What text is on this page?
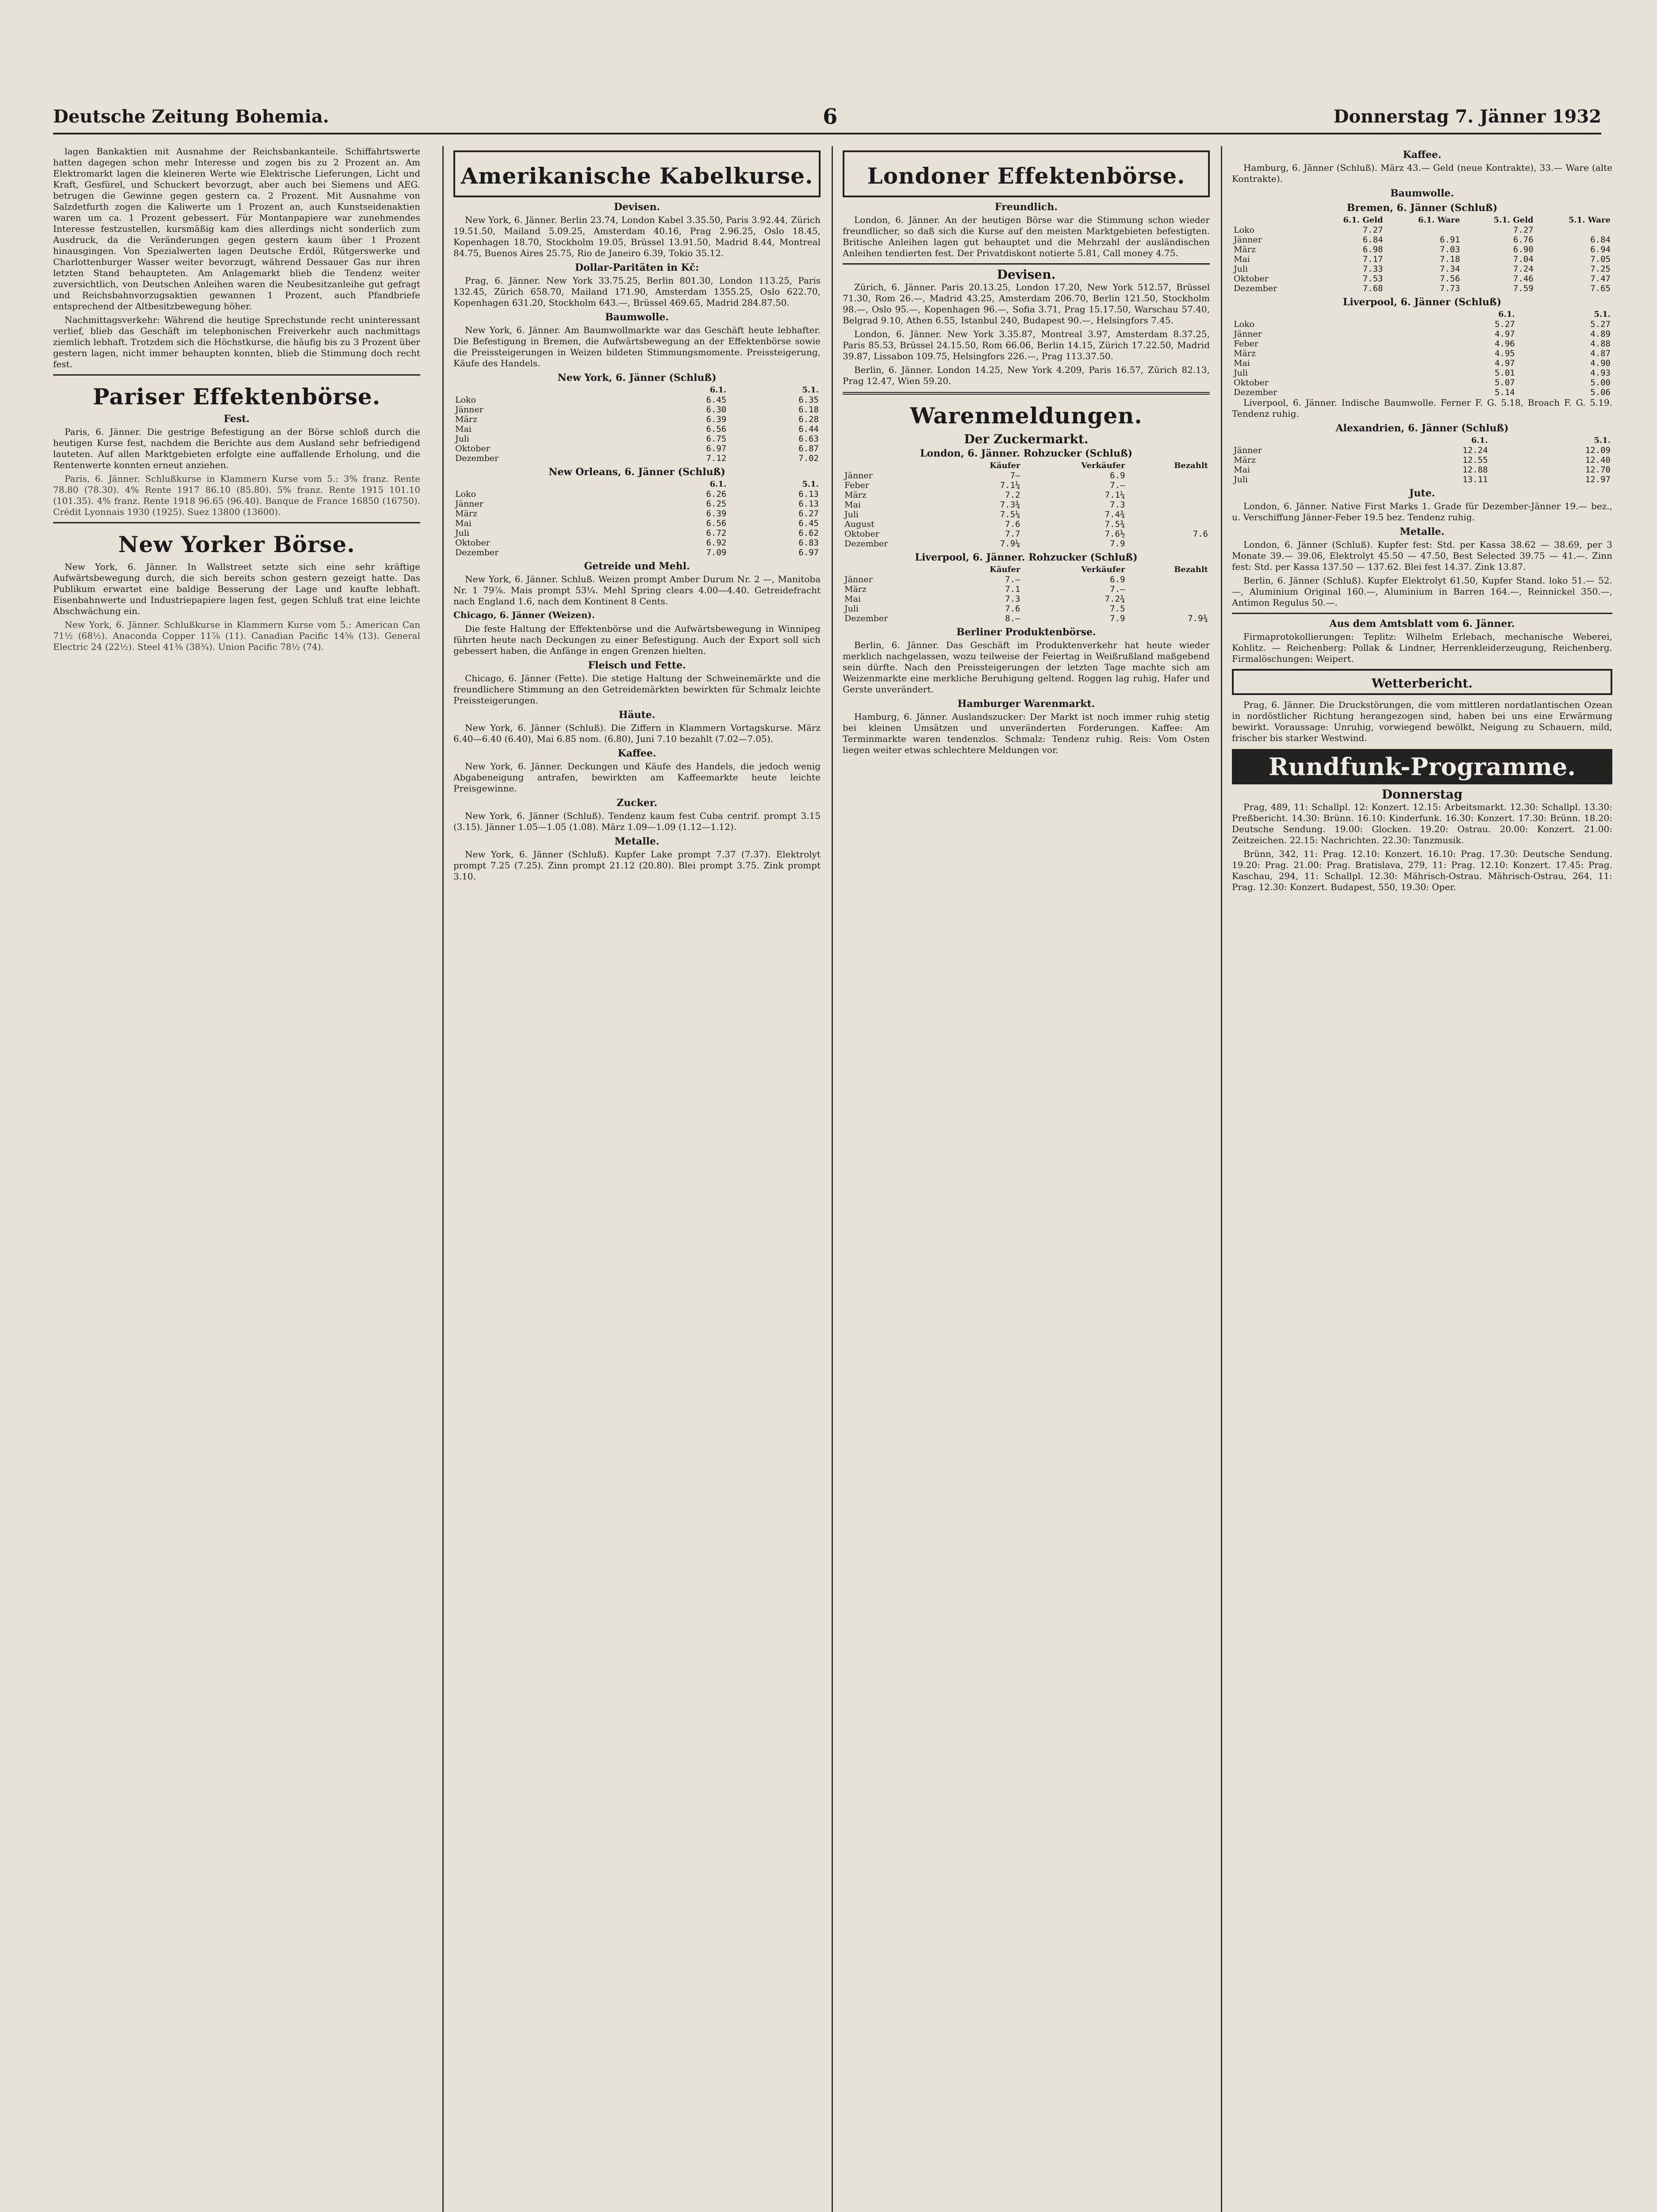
Deutsche Zeitung Bohemia.	6	Donnerstag 7. Jänner 1932

lagen Bankaktien mit Ausnahme der Reichsbankanteile. Schiffahrtswerte hatten dagegen schon mehr Interesse und zogen bis zu 2 Prozent an. Am Elektromarkt lagen die kleineren Werte wie Elektrische Lieferungen, Licht und Kraft, Gesfürel, und Schuckert bevorzugt, aber auch bei Siemens und AEG. betrugen die Gewinne gegen gestern ca. 2 Prozent. Mit Ausnahme von Salzdetfurth zogen die Kaliwerte um 1 Prozent an, auch Kunstseidenaktien waren um ca. 1 Prozent gebessert. Für Montanpapiere war zunehmendes Interesse festzustellen, kursmäßig kam dies allerdings nicht sonderlich zum Ausdruck, da die Veränderungen gegen gestern kaum über 1 Prozent hinausgingen. Von Spezialwerten lagen Deutsche Erdöl, Rütgerswerke und Charlottenburger Wasser weiter bevorzugt, während Dessauer Gas nur ihren letzten Stand behaupteten. Am Anlagemarkt blieb die Tendenz weiter zuversichtlich, von Deutschen Anleihen waren die Neubesitzanleihe gut gefragt und Reichsbahnvorzugsaktien gewannen 1 Prozent, auch Pfandbriefe entsprechend der Altbesitzbewegung höher.

Nachmittagsverkehr: Während die heutige Sprechstunde recht uninteressant verlief, blieb das Geschäft im telephonischen Freiverkehr auch nachmittags ziemlich lebhaft. Trotzdem sich die Höchstkurse, die häufig bis zu 3 Prozent über gestern lagen, nicht immer behaupten konnten, blieb die Stimmung doch recht fest.

Pariser Effektenbörse.
Fest.

Paris, 6. Jänner. Die gestrige Befestigung an der Börse schloß durch die heutigen Kurse fest, nachdem die Berichte aus dem Ausland sehr befriedigend lauteten. Auf allen Marktgebieten erfolgte eine auffallende Erholung, und die Rentenwerte konnten erneut anziehen.

Paris, 6. Jänner. Schlußkurse in Klammern Kurse vom 5.: 3% franz. Rente 78.80 (78.30). 4% Rente 1917 86.10 (85.80). 5% franz. Rente 1915 101.10 (101.35). 4% franz. Rente 1918 96.65 (96.40). Banque de France 16850 (16750). Crédit Lyonnais 1930 (1925). Suez 13800 (13600).

New Yorker Börse.

New York, 6. Jänner. In Wallstreet setzte sich eine sehr kräftige Aufwärtsbewegung durch, die sich bereits schon gestern gezeigt hatte. Das Publikum erwartet eine baldige Besserung der Lage und kaufte lebhaft. Eisenbahnwerte und Industriepapiere lagen fest, gegen Schluß trat eine leichte Abschwächung ein.

New York, 6. Jänner. Schlußkurse in Klammern Kurse vom 5.: American Can 71½ (68½). Anaconda Copper 11⅞ (11). Canadian Pacific 14⅝ (13). General Electric 24 (22½). Steel 41⅜ (38¾). Union Pacific 78½ (74).

Amerikanische Kabelkurse.
Devisen.

New York, 6. Jänner. Berlin 23.74, London Kabel 3.35.50, Paris 3.92.44, Zürich 19.51.50, Mailand 5.09.25, Amsterdam 40.16, Prag 2.96.25, Oslo 18.45, Kopenhagen 18.70, Stockholm 19.05, Brüssel 13.91.50, Madrid 8.44, Montreal 84.75, Buenos Aires 25.75, Rio de Janeiro 6.39, Tokio 35.12.

Dollar-Paritäten in Kč:

Prag, 6. Jänner. New York 33.75.25, Berlin 801.30, London 113.25, Paris 132.45, Zürich 658.70, Mailand 171.90, Amsterdam 1355.25, Oslo 622.70, Kopenhagen 631.20, Stockholm 643.—, Brüssel 469.65, Madrid 284.87.50.

Baumwolle.

New York, 6. Jänner. Am Baumwollmarkte war das Geschäft heute lebhafter. Die Befestigung in Bremen, die Aufwärtsbewegung an der Effektenbörse sowie die Preissteigerungen in Weizen bildeten Stimmungsmomente. Preissteigerung, Käufe des Handels.

New York, 6. Jänner (Schluß)
	6.1.	5.1.
Loko	6.45	6.35
Jänner	6.30	6.18
März	6.39	6.28
Mai	6.56	6.44
Juli	6.75	6.63
Oktober	6.97	6.87
Dezember	7.12	7.02
New Orleans, 6. Jänner (Schluß)
	6.1.	5.1.
Loko	6.26	6.13
Jänner	6.25	6.13
März	6.39	6.27
Mai	6.56	6.45
Juli	6.72	6.62
Oktober	6.92	6.83
Dezember	7.09	6.97
Getreide und Mehl.

New York, 6. Jänner. Schluß. Weizen prompt Amber Durum Nr. 2 —, Manitoba Nr. 1 79⅞. Mais prompt 53¼. Mehl Spring clears 4.00—4.40. Getreidefracht nach England 1.6, nach dem Kontinent 8 Cents.

Chicago, 6. Jänner (Weizen).

Die feste Haltung der Effektenbörse und die Aufwärtsbewegung in Winnipeg führten heute nach Deckungen zu einer Befestigung. Auch der Export soll sich gebessert haben, die Anfänge in engen Grenzen hielten.

Fleisch und Fette.

Chicago, 6. Jänner (Fette). Die stetige Haltung der Schweinemärkte und die freundlichere Stimmung an den Getreidemärkten bewirkten für Schmalz leichte Preissteigerungen.

Häute.

New York, 6. Jänner (Schluß). Die Ziffern in Klammern Vortagskurse. März 6.40—6.40 (6.40), Mai 6.85 nom. (6.80), Juni 7.10 bezahlt (7.02—7.05).

Kaffee.

New York, 6. Jänner. Deckungen und Käufe des Handels, die jedoch wenig Abgabeneigung antrafen, bewirkten am Kaffeemarkte heute leichte Preisgewinne.

Zucker.

New York, 6. Jänner (Schluß). Tendenz kaum fest Cuba centrif. prompt 3.15 (3.15). Jänner 1.05—1.05 (1.08). März 1.09—1.09 (1.12—1.12).

Metalle.

New York, 6. Jänner (Schluß). Kupfer Lake prompt 7.37 (7.37). Elektrolyt prompt 7.25 (7.25). Zinn prompt 21.12 (20.80). Blei prompt 3.75. Zink prompt 3.10.

Londoner Effektenbörse.
Freundlich.

London, 6. Jänner. An der heutigen Börse war die Stimmung schon wieder freundlicher, so daß sich die Kurse auf den meisten Marktgebieten befestigten. Britische Anleihen lagen gut behauptet und die Mehrzahl der ausländischen Anleihen tendierten fest. Der Privatdiskont notierte 5.81, Call money 4.75.

Devisen.

Zürich, 6. Jänner. Paris 20.13.25, London 17.20, New York 512.57, Brüssel 71.30, Rom 26.—, Madrid 43.25, Amsterdam 206.70, Berlin 121.50, Stockholm 98.—, Oslo 95.—, Kopenhagen 96.—, Sofia 3.71, Prag 15.17.50, Warschau 57.40, Belgrad 9.10, Athen 6.55, Istanbul 240, Budapest 90.—, Helsingfors 7.45.

London, 6. Jänner. New York 3.35.87, Montreal 3.97, Amsterdam 8.37.25, Paris 85.53, Brüssel 24.15.50, Rom 66.06, Berlin 14.15, Zürich 17.22.50, Madrid 39.87, Lissabon 109.75, Helsingfors 226.—, Prag 113.37.50.

Berlin, 6. Jänner. London 14.25, New York 4.209, Paris 16.57, Zürich 82.13, Prag 12.47, Wien 59.20.

Warenmeldungen.
Der Zuckermarkt.
London, 6. Jänner. Rohzucker (Schluß)
	Käufer	Verkäufer	Bezahlt
Jänner	7—	6.9	
Feber	7.1¼	7.—	
März	7.2	7.1¼	
Mai	7.3¾	7.3	
Juli	7.5¼	7.4¾	
August	7.6	7.5¾	
Oktober	7.7	7.6½	7.6
Dezember	7.9¼	7.9	
Liverpool, 6. Jänner. Rohzucker (Schluß)
	Käufer	Verkäufer	Bezahlt
Jänner	7.—	6.9	
März	7.1	7.—	
Mai	7.3	7.2¾	
Juli	7.6	7.5	
Dezember	8.—	7.9	7.9¾
Berliner Produktenbörse.

Berlin, 6. Jänner. Das Geschäft im Produktenverkehr hat heute wieder merklich nachgelassen, wozu teilweise der Feiertag in Weißrußland maßgebend sein dürfte. Nach den Preissteigerungen der letzten Tage machte sich am Weizenmarkte eine merkliche Beruhigung geltend. Roggen lag ruhig, Hafer und Gerste unverändert.

Hamburger Warenmarkt.

Hamburg, 6. Jänner. Auslandszucker: Der Markt ist noch immer ruhig stetig bei kleinen Umsätzen und unveränderten Forderungen. Kaffee: Am Terminmarkte waren tendenzlos. Schmalz: Tendenz ruhig. Reis: Vom Osten liegen weiter etwas schlechtere Meldungen vor.

Kaffee.

Hamburg, 6. Jänner (Schluß). März 43.— Geld (neue Kontrakte), 33.— Ware (alte Kontrakte).

Baumwolle.
Bremen, 6. Jänner (Schluß)
	6.1. Geld	6.1. Ware	5.1. Geld	5.1. Ware
Loko	7.27		7.27	
Jänner	6.84	6.91	6.76	6.84
März	6.98	7.03	6.90	6.94
Mai	7.17	7.18	7.04	7.05
Juli	7.33	7.34	7.24	7.25
Oktober	7.53	7.56	7.46	7.47
Dezember	7.68	7.73	7.59	7.65
Liverpool, 6. Jänner (Schluß)
	6.1.	5.1.
Loko	5.27	5.27
Jänner	4.97	4.89
Feber	4.96	4.88
März	4.95	4.87
Mai	4.97	4.90
Juli	5.01	4.93
Oktober	5.07	5.00
Dezember	5.14	5.06

Liverpool, 6. Jänner. Indische Baumwolle. Ferner F. G. 5.18, Broach F. G. 5.19. Tendenz ruhig.

Alexandrien, 6. Jänner (Schluß)
	6.1.	5.1.
Jänner	12.24	12.09
März	12.55	12.40
Mai	12.88	12.70
Juli	13.11	12.97
Jute.

London, 6. Jänner. Native First Marks 1. Grade für Dezember-Jänner 19.— bez., u. Verschiffung Jänner-Feber 19.5 bez. Tendenz ruhig.

Metalle.

London, 6. Jänner (Schluß). Kupfer fest: Std. per Kassa 38.62 — 38.69, per 3 Monate 39.— 39.06, Elektrolyt 45.50 — 47.50, Best Selected 39.75 — 41.—. Zinn fest: Std. per Kassa 137.50 — 137.62. Blei fest 14.37. Zink 13.87.

Berlin, 6. Jänner (Schluß). Kupfer Elektrolyt 61.50, Kupfer Stand. loko 51.— 52.—, Aluminium Original 160.—, Aluminium in Barren 164.—, Reinnickel 350.—, Antimon Regulus 50.—.

Aus dem Amtsblatt vom 6. Jänner.

Firmaprotokollierungen: Teplitz: Wilhelm Erlebach, mechanische Weberei, Kohlitz. — Reichenberg: Pollak & Lindner, Herrenkleiderzeugung, Reichenberg. Firmalöschungen: Weipert.

Wetterbericht.

Prag, 6. Jänner. Die Druckstörungen, die vom mittleren nordatlantischen Ozean in nordöstlicher Richtung herangezogen sind, haben bei uns eine Erwärmung bewirkt. Voraussage: Unruhig, vorwiegend bewölkt, Neigung zu Schauern, mild, frischer bis starker Westwind.

Rundfunk-Programme.
Donnerstag

Prag, 489, 11: Schallpl. 12: Konzert. 12.15: Arbeitsmarkt. 12.30: Schallpl. 13.30: Preßbericht. 14.30: Brünn. 16.10: Kinderfunk. 16.30: Konzert. 17.30: Brünn. 18.20: Deutsche Sendung. 19.00: Glocken. 19.20: Ostrau. 20.00: Konzert. 21.00: Zeitzeichen. 22.15: Nachrichten. 22.30: Tanzmusik.

Brünn, 342, 11: Prag. 12.10: Konzert. 16.10: Prag. 17.30: Deutsche Sendung. 19.20: Prag. 21.00: Prag. Bratislava, 279, 11: Prag. 12.10: Konzert. 17.45: Prag. Kaschau, 294, 11: Schallpl. 12.30: Mährisch-Ostrau. Mährisch-Ostrau, 264, 11: Prag. 12.30: Konzert. Budapest, 550, 19.30: Oper.
